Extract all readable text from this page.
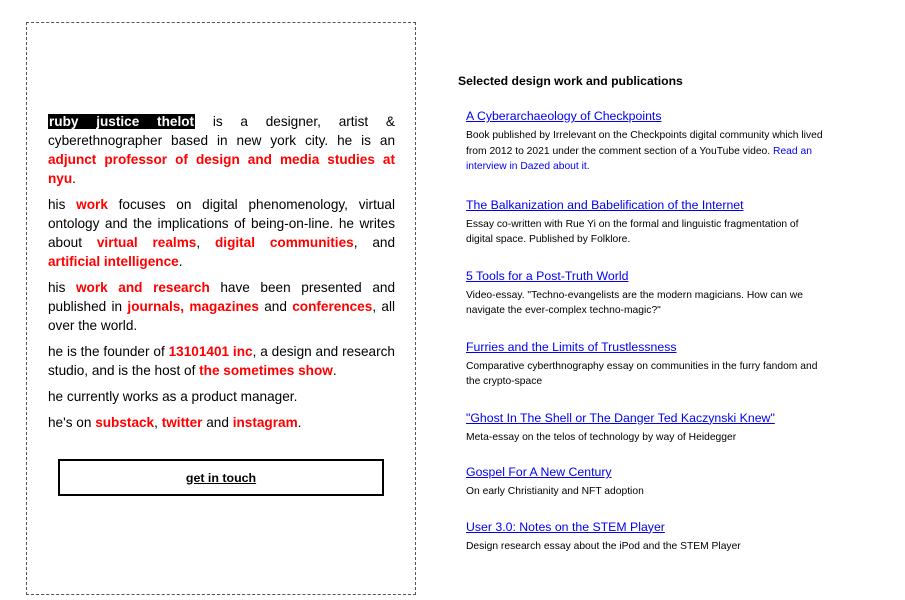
ruby justice thelot is a designer, artist & cyberethnographer based in new york city. he is an adjunct professor of design and media studies at nyu.

his work focuses on digital phenomenology, virtual ontology and the implications of being-on-line. he writes about virtual realms, digital communities, and artificial intelligence.

his work and research have been presented and published in journals, magazines and conferences, all over the world.

he is the founder of 13101401 inc, a design and research studio, and is the host of the sometimes show.

he currently works as a product manager.

he's on substack, twitter and instagram.

get in touch
Selected design work and publications
A Cyberarchaeology of Checkpoints
Book published by Irrelevant on the Checkpoints digital community which lived from 2012 to 2021 under the comment section of a YouTube video. Read an interview in Dazed about it.
The Balkanization and Babelification of the Internet
Essay co-written with Rue Yi on the formal and linguistic fragmentation of digital space. Published by Folklore.
5 Tools for a Post-Truth World
Video-essay. "Techno-evangelists are the modern magicians. How can we navigate the ever-complex techno-magic?"
Furries and the Limits of Trustlessness
Comparative cyberthnography essay on communities in the furry fandom and the crypto-space
"Ghost In The Shell or The Danger Ted Kaczynski Knew"
Meta-essay on the telos of technology by way of Heidegger
Gospel For A New Century
On early Christianity and NFT adoption
User 3.0: Notes on the STEM Player
Design research essay about the iPod and the STEM Player
